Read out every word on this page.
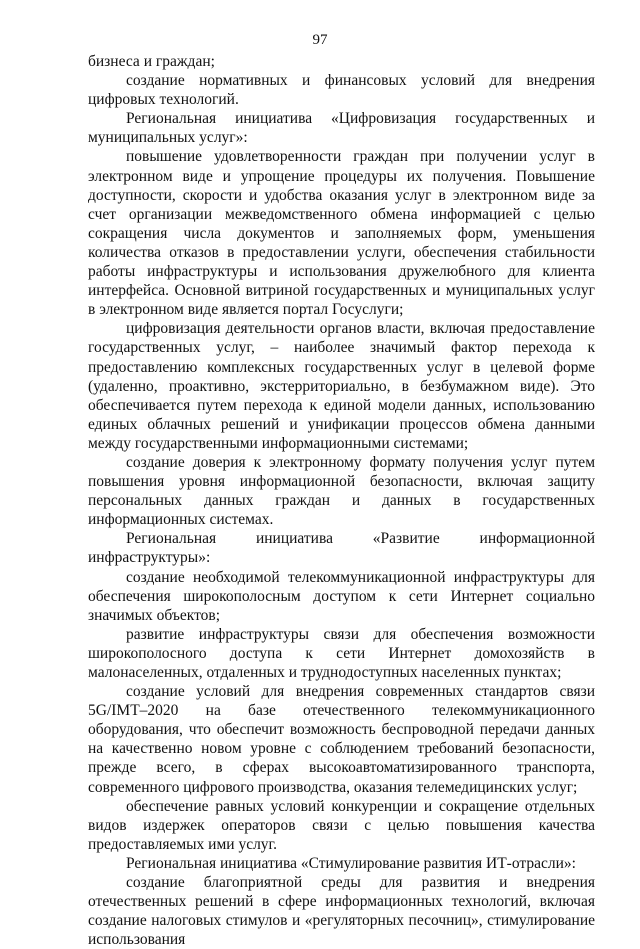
97

бизнеса и граждан;

создание нормативных и финансовых условий для внедрения цифровых технологий.

Региональная инициатива «Цифровизация государственных и муниципальных услуг»:

повышение удовлетворенности граждан при получении услуг в электронном виде и упрощение процедуры их получения. Повышение доступности, скорости и удобства оказания услуг в электронном виде за счет организации межведомственного обмена информацией с целью сокращения числа документов и заполняемых форм, уменьшения количества отказов в предоставлении услуги, обеспечения стабильности работы инфраструктуры и использования дружелюбного для клиента интерфейса. Основной витриной государственных и муниципальных услуг в электронном виде является портал Госуслуги;

цифровизация деятельности органов власти, включая предоставление государственных услуг, – наиболее значимый фактор перехода к предоставлению комплексных государственных услуг в целевой форме (удаленно, проактивно, экстерриториально, в безбумажном виде). Это обеспечивается путем перехода к единой модели данных, использованию единых облачных решений и унификации процессов обмена данными между государственными информационными системами;

создание доверия к электронному формату получения услуг путем повышения уровня информационной безопасности, включая защиту персональных данных граждан и данных в государственных информационных системах.

Региональная инициатива «Развитие информационной инфраструктуры»:

создание необходимой телекоммуникационной инфраструктуры для обеспечения широкополосным доступом к сети Интернет социально значимых объектов;

развитие инфраструктуры связи для обеспечения возможности широкополосного доступа к сети Интернет домохозяйств в малонаселенных, отдаленных и труднодоступных населенных пунктах;

создание условий для внедрения современных стандартов связи 5G/IMT–2020 на базе отечественного телекоммуникационного оборудования, что обеспечит возможность беспроводной передачи данных на качественно новом уровне с соблюдением требований безопасности, прежде всего, в сферах высокоавтоматизированного транспорта, современного цифрового производства, оказания телемедицинских услуг;

обеспечение равных условий конкуренции и сокращение отдельных видов издержек операторов связи с целью повышения качества предоставляемых ими услуг.

Региональная инициатива «Стимулирование развития ИТ-отрасли»:

создание благоприятной среды для развития и внедрения отечественных решений в сфере информационных технологий, включая создание налоговых стимулов и «регуляторных песочниц», стимулирование использования
